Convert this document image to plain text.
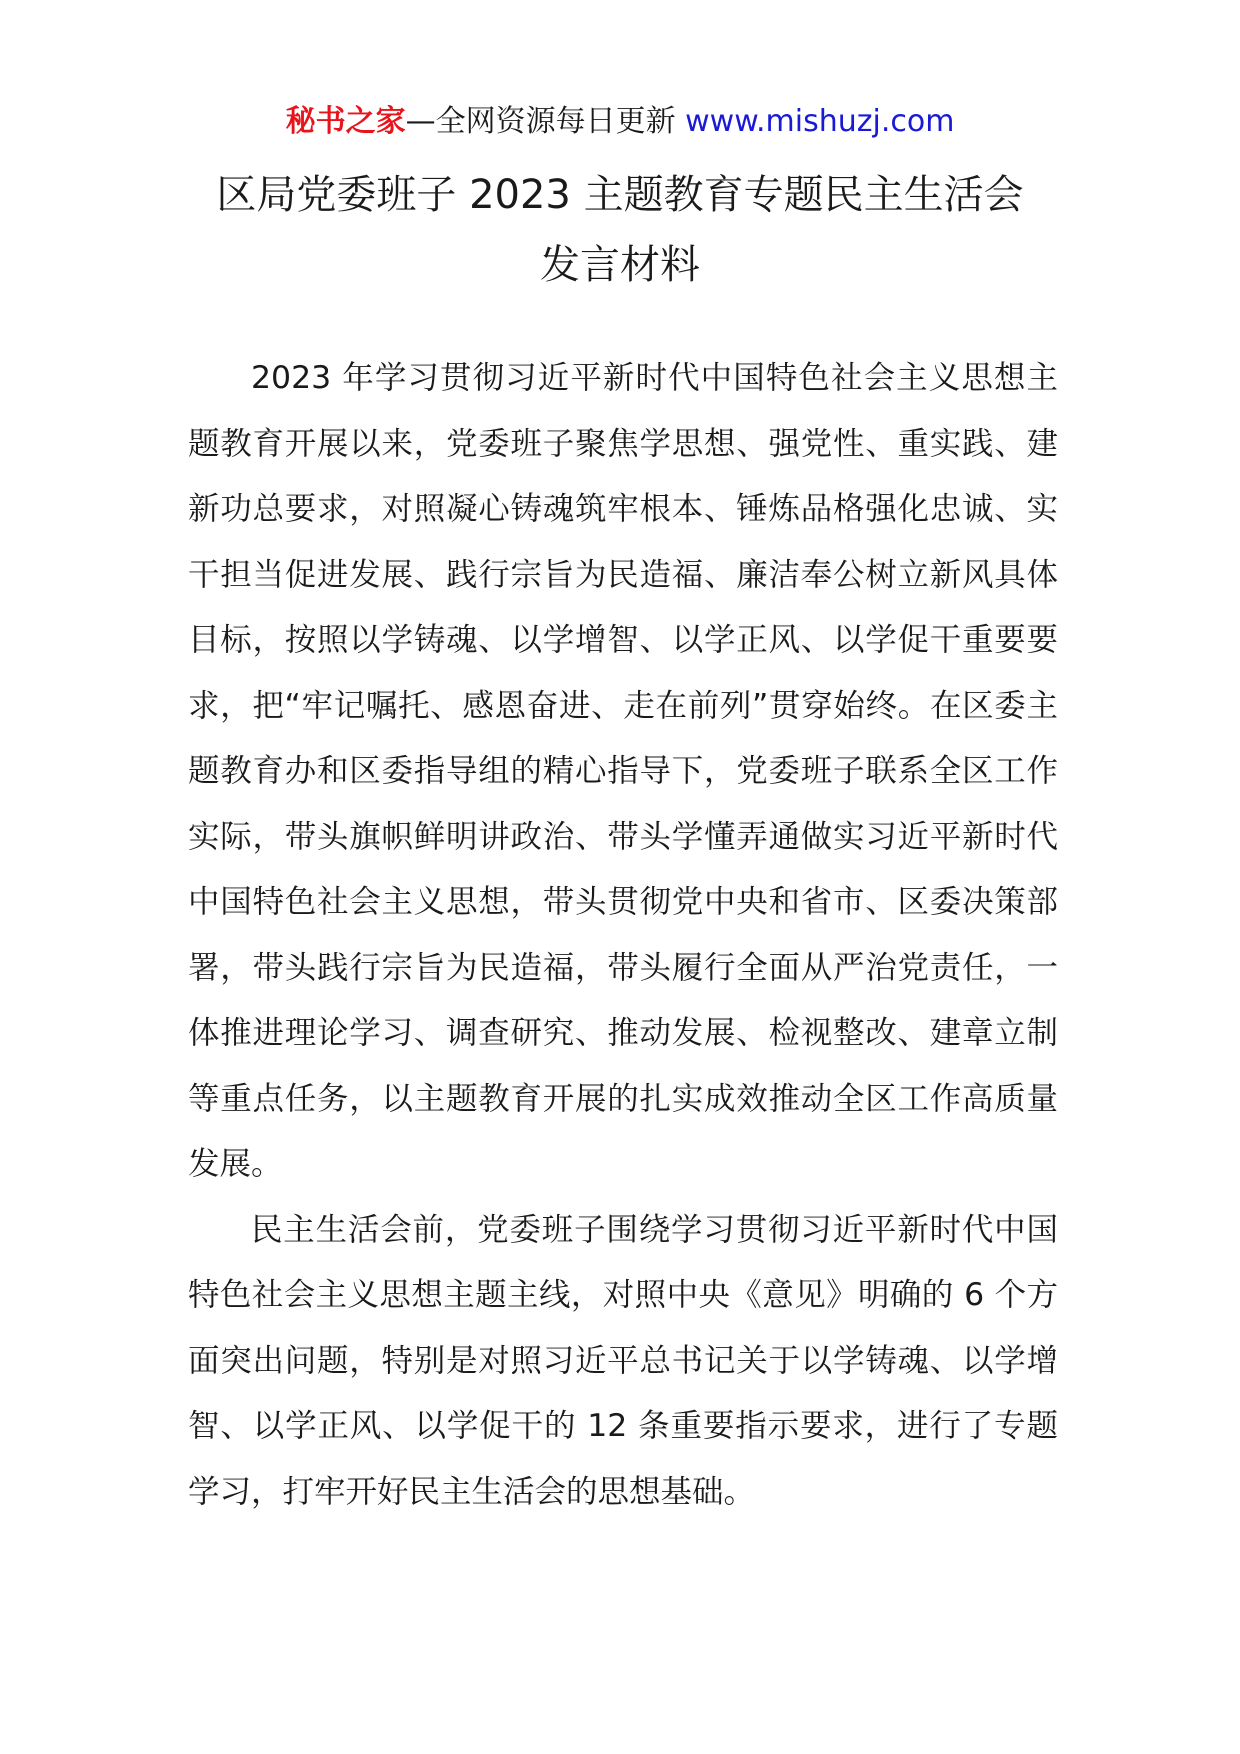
秘书之家—全网资源每日更新 www.mishuzj.com
区局党委班子 2023 主题教育专题民主生活会
发言材料

2023 年学习贯彻习近平新时代中国特色社会主义思想主题教育开展以来，党委班子聚焦学思想、强党性、重实践、建新功总要求，对照凝心铸魂筑牢根本、锤炼品格强化忠诚、实干担当促进发展、践行宗旨为民造福、廉洁奉公树立新风具体目标，按照以学铸魂、以学增智、以学正风、以学促干重要要求，把“牢记嘱托、感恩奋进、走在前列”贯穿始终。在区委主题教育办和区委指导组的精心指导下，党委班子联系全区工作实际，带头旗帜鲜明讲政治、带头学懂弄通做实习近平新时代中国特色社会主义思想，带头贯彻党中央和省市、区委决策部署，带头践行宗旨为民造福，带头履行全面从严治党责任，一体推进理论学习、调查研究、推动发展、检视整改、建章立制等重点任务，以主题教育开展的扎实成效推动全区工作高质量发展。

民主生活会前，党委班子围绕学习贯彻习近平新时代中国特色社会主义思想主题主线，对照中央《意见》明确的 6 个方面突出问题，特别是对照习近平总书记关于以学铸魂、以学增智、以学正风、以学促干的 12 条重要指示要求，进行了专题学习，打牢开好民主生活会的思想基础。
